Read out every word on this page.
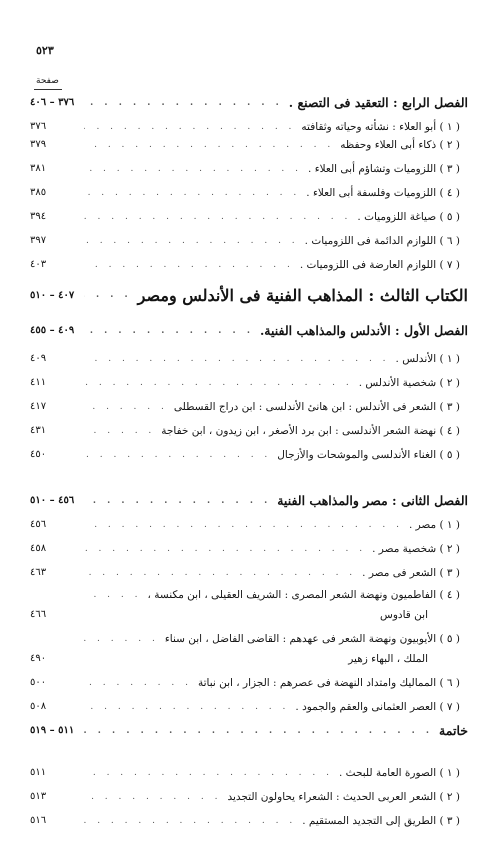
٥٢٣
صفحة
الفصل الرابع : التعقيد فى التصنع .
. . .
٣٧٦ – ٤٠٦
( ١ ) أبو العلاء : نشأته وحياته وثقافته
. . .
٣٧٦
( ٢ ) ذكاء أبى العلاء وحفظه
. . .
٣٧٩
( ٣ ) اللزوميات وتشاؤم أبى العلاء .
. . .
٣٨١
( ٤ ) اللزوميات وفلسفة أبى العلاء .
. . .
٣٨٥
( ٥ ) صياغة اللزوميات .
. . .
٣٩٤
( ٦ ) اللوازم الدائمة فى اللزوميات .
. . .
٣٩٧
( ٧ ) اللوازم العارضة فى اللزوميات .
. . .
٤٠٣
الكتاب الثالث : المذاهب الفنية فى الأندلس ومصر
. . .
٤٠٧ – ٥١٠
الفصل الأول : الأندلس والمذاهب الفنية.
. . .
٤٠٩ – ٤٥٥
( ١ ) الأندلس .
. . .
٤٠٩
( ٢ ) شخصية الأندلس .
. . .
٤١١
( ٣ ) الشعر فى الأندلس : ابن هانئ الأندلسى : ابن دراج القسطلى
. . .
٤١٧
( ٤ ) نهضة الشعر الأندلسى : ابن برد الأصغر ، ابن زيدون ، ابن خفاجة
. . .
٤٣١
( ٥ ) الغناء الأندلسى والموشحات والأزجال
. . .
٤٥٠
الفصل الثانى : مصر والمذاهب الفنية
. . .
٤٥٦ – ٥١٠
( ١ ) مصر .
. . .
٤٥٦
( ٢ ) شخصية مصر .
. . .
٤٥٨
( ٣ ) الشعر فى مصر .
. . .
٤٦٣
( ٤ ) الفاطميون ونهضة الشعر المصرى : الشريف العقيلى ، ابن مكنسة ،
. . .
ابن قادوس
٤٦٦
( ٥ ) الأيوبيون ونهضة الشعر فى عهدهم : القاضى الفاضل ، ابن سناء
. . .
الملك ، البهاء زهير
٤٩٠
( ٦ ) المماليك وامتداد النهضة فى عصرهم : الجزار ، ابن نباتة
. . .
٥٠٠
( ٧ ) العصر العثمانى والعقم والجمود .
. . .
٥٠٨
خاتمة
. . .
٥١١ – ٥١٩
( ١ ) الصورة العامة للبحث .
. . .
٥١١
( ٢ ) الشعر العربى الحديث : الشعراء يحاولون التجديد
. . .
٥١٣
( ٣ ) الطريق إلى التجديد المستقيم .
. . .
٥١٦
